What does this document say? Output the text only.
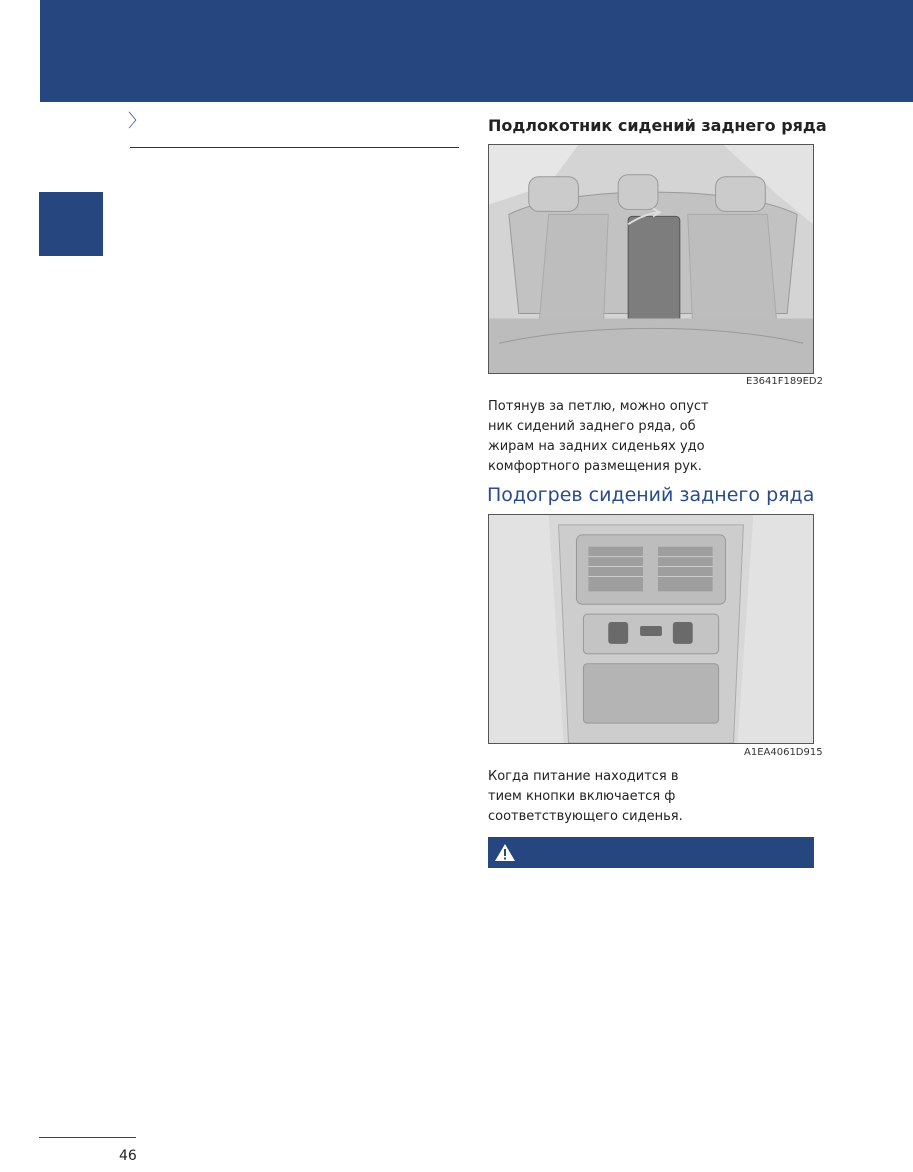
〉	Подлокотник сидений заднего ряда
E3641F189ED2
Потянув за петлю, можно опуст
ник сидений заднего ряда, об
жирам на задних сиденьях удо
комфортного размещения рук.
Подогрев сидений заднего ряда
A1EA4061D915
Когда питание находится в
тием кнопки включается ф
соответствующего сиденья.
46
